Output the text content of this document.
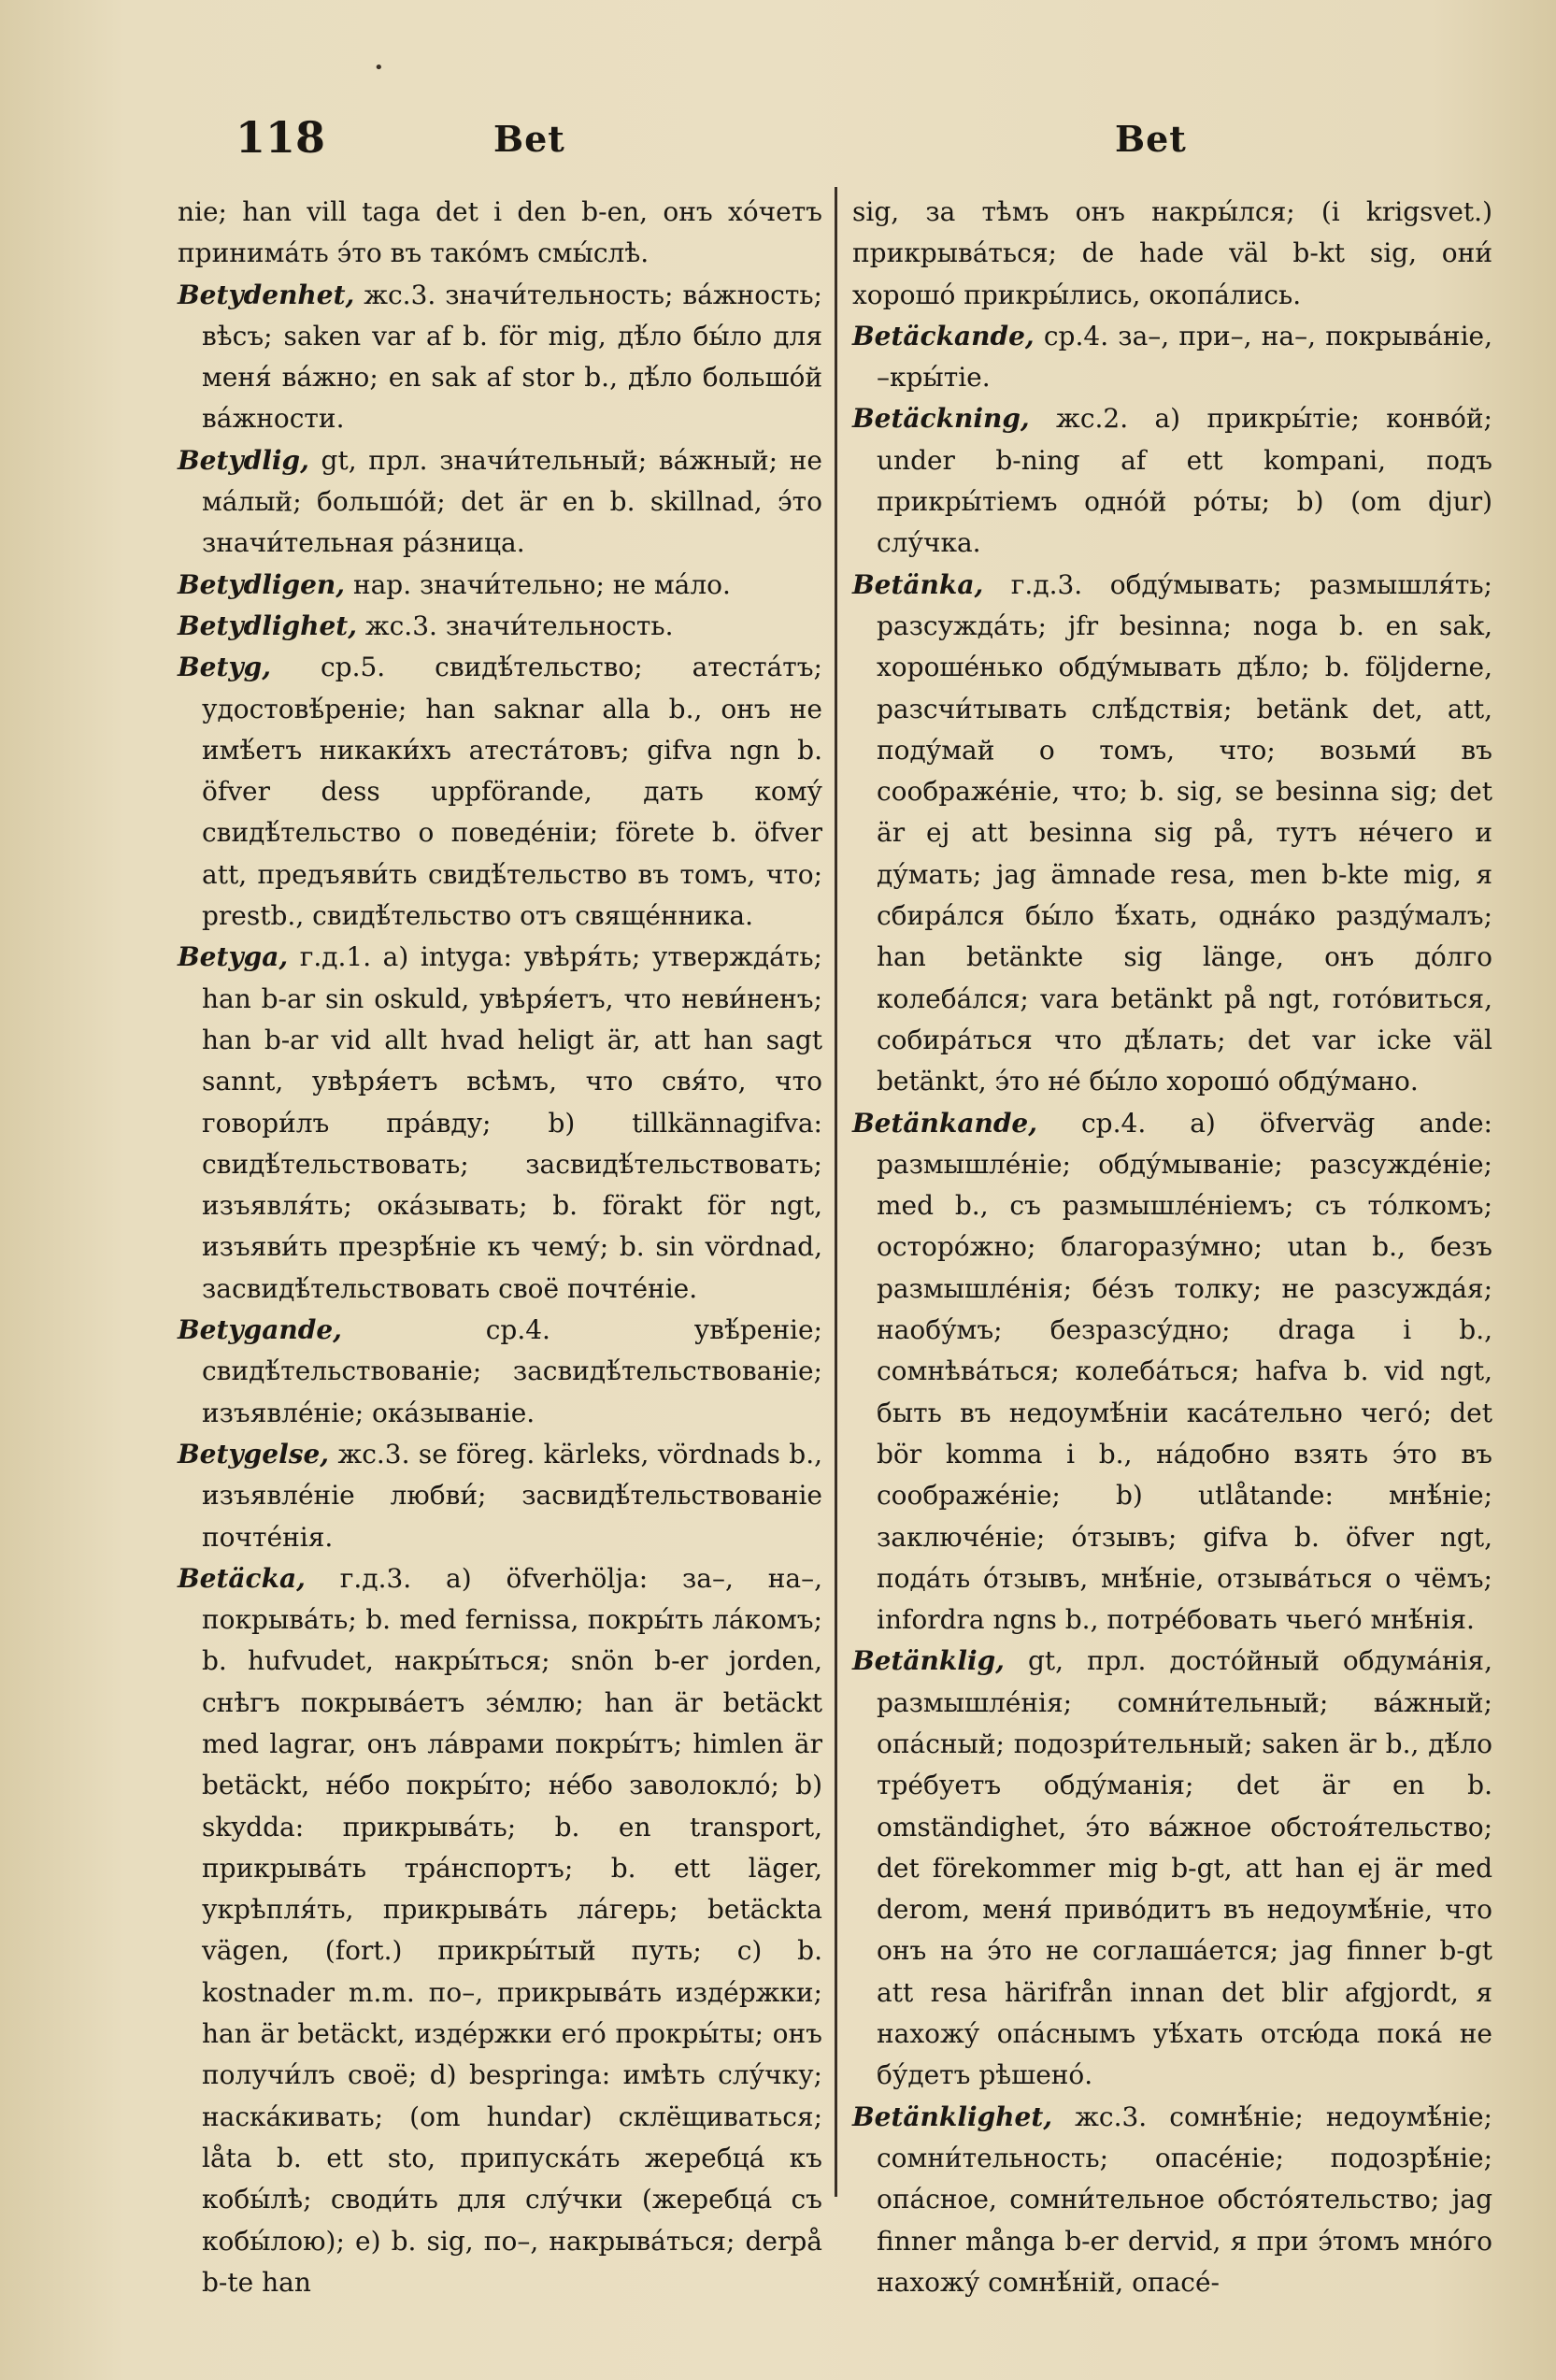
•
118	Bet	Bet

nie; han vill taga det i den b-en, онъ хо́четъ принима́ть э́то въ тако́мъ смы́слѣ.

Betydenhet, жс.3. значи́тельность; ва́жность; вѣсъ; saken var af b. för mig, дѣ́ло бы́ло для меня́ ва́жно; en sak af stor b., дѣ́ло большо́й ва́жности.

Betydlig, gt, прл. значи́тельный; ва́жный; не ма́лый; большо́й; det är en b. skillnad, э́то значи́тельная ра́зница.

Betydligen, нар. значи́тельно; не ма́ло.

Betydlighet, жс.3. значи́тельность.

Betyg, ср.5. свидѣ́тельство; атеста́тъ; удостовѣ́реніе; han saknar alla b., онъ не имѣ́етъ никаки́хъ атеста́товъ; gifva ngn b. öfver dess uppförande, дать кому́ свидѣ́тельство о поведе́ніи; förete b. öfver att, предъяви́ть свидѣ́тельство въ томъ, что; prestb., свидѣ́тельство отъ свяще́нника.

Betyga, г.д.1. a) intyga: увѣря́ть; утвержда́ть; han b-ar sin oskuld, увѣря́етъ, что неви́ненъ; han b-ar vid allt hvad heligt är, att han sagt sannt, увѣря́етъ всѣмъ, что свя́то, что говори́лъ пра́вду; b) tillkännagifva: свидѣ́тельствовать; засвидѣ́тельствовать; изъявля́ть; ока́зывать; b. förakt för ngt, изъяви́ть презрѣ́ніе къ чему́; b. sin vördnad, засвидѣ́тельствовать своё почте́ніе.

Betygande, ср.4. увѣ́реніе; свидѣ́тельствованіе; засвидѣ́тельствованіе; изъявле́ніе; ока́зываніе.

Betygelse, жс.3. se föreg. kärleks, vördnads b., изъявле́ніе любви́; засвидѣ́тельствованіе почте́нія.

Betäcka, г.д.3. a) öfverhölja: за–, на–, покрыва́ть; b. med fernissa, покры́ть ла́комъ; b. hufvudet, накры́ться; snön b-er jorden, снѣгъ покрыва́етъ зе́млю; han är betäckt med lagrar, онъ ла́врами покры́тъ; himlen är betäckt, не́бо покры́то; не́бо заволокло́; b) skydda: прикрыва́ть; b. en transport, прикрыва́ть тра́нспортъ; b. ett läger, укрѣпля́ть, прикрыва́ть ла́герь; betäckta vägen, (fort.) прикры́тый путь; c) b. kostnader m.m. по–, прикрыва́ть изде́ржки; han är betäckt, изде́ржки его́ прокры́ты; онъ получи́лъ своё; d) bespringa: имѣть слу́чку; наска́кивать; (om hundar) склёщиваться; låta b. ett sto, припуска́ть жеребца́ къ кобы́лѣ; своди́ть для слу́чки (жеребца́ съ кобы́лою); e) b. sig, по–, накрыва́ться; derpå b-te han

sig, за тѣмъ онъ накры́лся; (i krigsvet.) прикрыва́ться; de hade väl b-kt sig, они́ хорошо́ прикры́лись, окопа́лись.

Betäckande, ср.4. за–, при–, на–, покрыва́ніе, –кры́тіе.

Betäckning, жс.2. a) прикры́тіе; конво́й; under b-ning af ett kompani, подъ прикры́тіемъ одно́й ро́ты; b) (om djur) слу́чка.

Betänka, г.д.3. обду́мывать; размышля́ть; разсужда́ть; jfr besinna; noga b. en sak, хороше́нько обду́мывать дѣ́ло; b. följderne, разсчи́тывать слѣ́дствія; betänk det, att, поду́май о томъ, что; возьми́ въ соображе́ніе, что; b. sig, se besinna sig; det är ej att besinna sig på, тутъ не́чего и ду́мать; jag ämnade resa, men b-kte mig, я сбира́лся бы́ло ѣ́хать, одна́ко разду́малъ; han betänkte sig länge, онъ до́лго колеба́лся; vara betänkt på ngt, гото́виться, собира́ться что дѣ́лать; det var icke väl betänkt, э́то не́ бы́ло хорошо́ обду́мано.

Betänkande, ср.4. a) öfverväg ande: размышле́ніе; обду́мываніе; разсужде́ніе; med b., съ размышле́ніемъ; съ то́лкомъ; осторо́жно; благоразу́мно; utan b., безъ размышле́нія; бе́зъ толку; не разсужда́я; наобу́мъ; безразсу́дно; draga i b., сомнѣва́ться; колеба́ться; hafva b. vid ngt, быть въ недоумѣ́ніи каса́тельно чего́; det bör komma i b., на́добно взять э́то въ соображе́ніе; b) utlåtande: мнѣ́ніе; заключе́ніе; о́тзывъ; gifva b. öfver ngt, пода́ть о́тзывъ, мнѣ́ніе, отзыва́ться о чёмъ; infordra ngns b., потре́бовать чьего́ мнѣ́нія.

Betänklig, gt, прл. досто́йный обдума́нія, размышле́нія; сомни́тельный; ва́жный; опа́сный; подозри́тельный; saken är b., дѣ́ло тре́буетъ обду́манія; det är en b. omständighet, э́то ва́жное обстоя́тельство; det förekommer mig b-gt, att han ej är med derom, меня́ приво́дитъ въ недоумѣ́ніе, что онъ на э́то не соглаша́ется; jag finner b-gt att resa härifrån innan det blir afgjordt, я нахожу́ опа́снымъ уѣ́хать отсю́да пока́ не бу́детъ рѣшено́.

Betänklighet, жс.3. сомнѣ́ніе; недоумѣ́ніе; сомни́тельность; опасе́ніе; подозрѣ́ніе; опа́сное, сомни́тельное обсто́ятельство; jag finner många b-er dervid, я при э́томъ мно́го нахожу́ сомнѣ́ній, опасе́-
